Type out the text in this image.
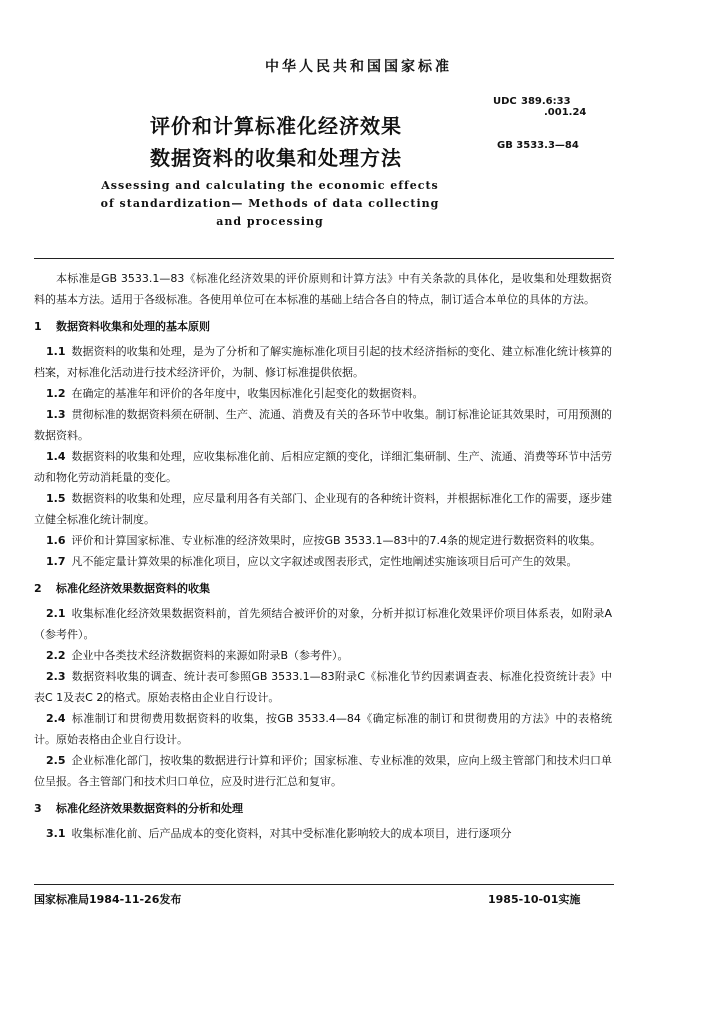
中华人民共和国国家标准
评价和计算标准化经济效果
数据资料的收集和处理方法
UDC 389.6:33
.001.24
GB 3533.3—84
Assessing and calculating the economic effects
of standardization— Methods of data collecting
and processing

本标准是GB 3533.1—83《标准化经济效果的评价原则和计算方法》中有关条款的具体化，是收集和处理数据资料的基本方法。适用于各级标准。各使用单位可在本标准的基础上结合各自的特点，制订适合本单位的具体的方法。

1 数据资料收集和处理的基本原则

1.1 数据资料的收集和处理，是为了分析和了解实施标准化项目引起的技术经济指标的变化、建立标准化统计核算的档案，对标准化活动进行技术经济评价，为制、修订标准提供依据。

1.2 在确定的基准年和评价的各年度中，收集因标准化引起变化的数据资料。

1.3 贯彻标准的数据资料须在研制、生产、流通、消费及有关的各环节中收集。制订标准论证其效果时，可用预测的数据资料。

1.4 数据资料的收集和处理，应收集标准化前、后相应定额的变化，详细汇集研制、生产、流通、消费等环节中活劳动和物化劳动消耗量的变化。

1.5 数据资料的收集和处理，应尽量利用各有关部门、企业现有的各种统计资料，并根据标准化工作的需要，逐步建立健全标准化统计制度。

1.6 评价和计算国家标准、专业标准的经济效果时，应按GB 3533.1—83中的7.4条的规定进行数据资料的收集。

1.7 凡不能定量计算效果的标准化项目，应以文字叙述或图表形式，定性地阐述实施该项目后可产生的效果。

2 标准化经济效果数据资料的收集

2.1 收集标准化经济效果数据资料前，首先须结合被评价的对象，分析并拟订标准化效果评价项目体系表，如附录A（参考件）。

2.2 企业中各类技术经济数据资料的来源如附录B（参考件）。

2.3 数据资料收集的调查、统计表可参照GB 3533.1—83附录C《标准化节约因素调查表、标准化投资统计表》中表C 1及表C 2的格式。原始表格由企业自行设计。

2.4 标准制订和贯彻费用数据资料的收集，按GB 3533.4—84《确定标准的制订和贯彻费用的方法》中的表格统计。原始表格由企业自行设计。

2.5 企业标准化部门，按收集的数据进行计算和评价；国家标准、专业标准的效果，应向上级主管部门和技术归口单位呈报。各主管部门和技术归口单位，应及时进行汇总和复审。

3 标准化经济效果数据资料的分析和处理

3.1 收集标准化前、后产品成本的变化资料，对其中受标准化影响较大的成本项目，进行逐项分

国家标准局1984-11-26发布	1985-10-01实施
